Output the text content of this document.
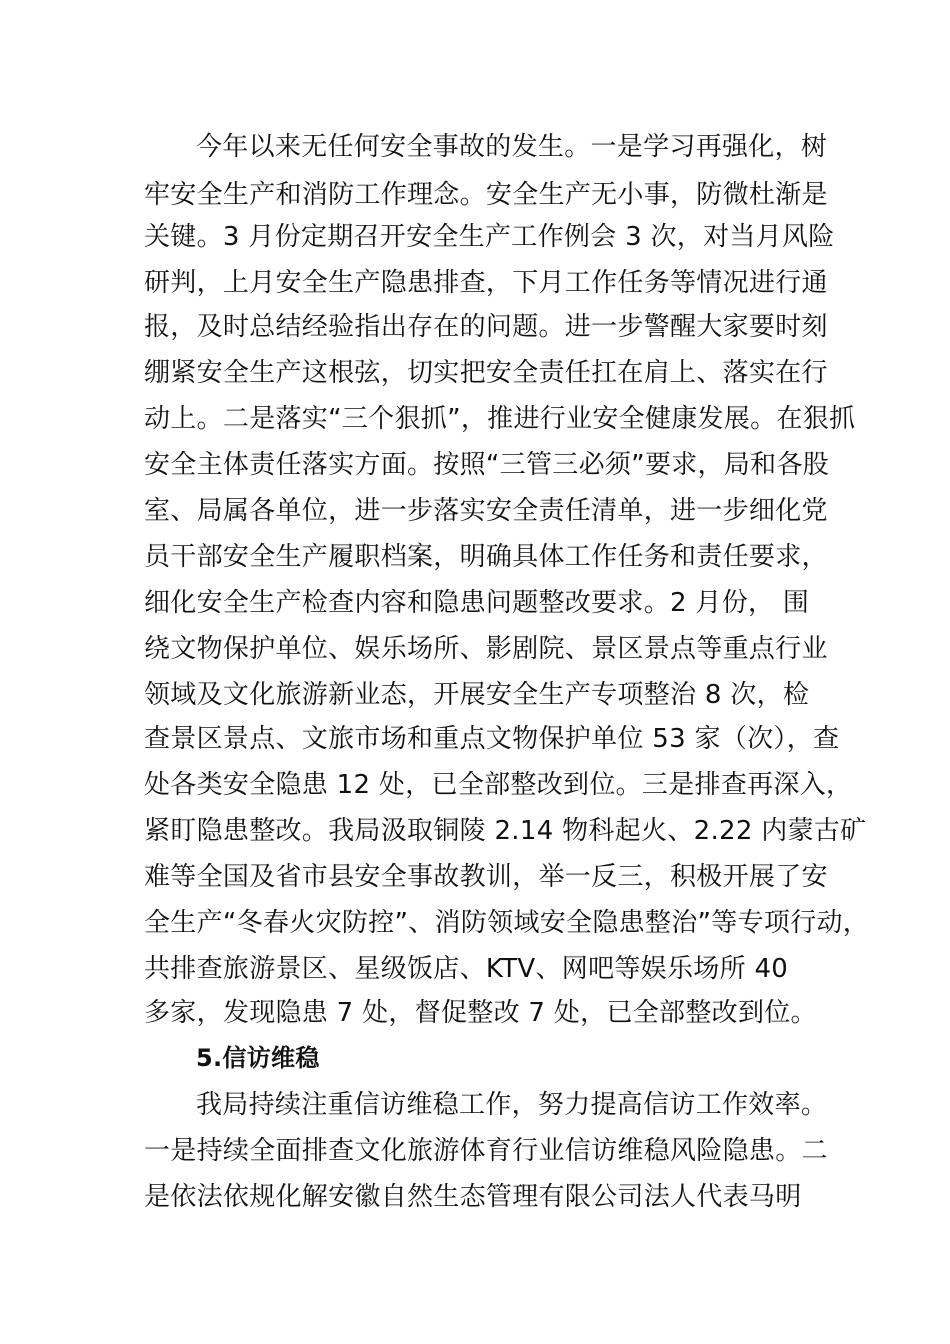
今年以来无任何安全事故的发生。一是学习再强化，树
牢安全生产和消防工作理念。安全生产无小事，防微杜渐是
关键。3 月份定期召开安全生产工作例会 3 次，对当月风险
研判，上月安全生产隐患排查，下月工作任务等情况进行通
报，及时总结经验指出存在的问题。进一步警醒大家要时刻
绷紧安全生产这根弦，切实把安全责任扛在肩上、落实在行
动上。二是落实“三个狠抓”，推进行业安全健康发展。在狠抓
安全主体责任落实方面。按照“三管三必须”要求，局和各股
室、局属各单位，进一步落实安全责任清单，进一步细化党
员干部安全生产履职档案，明确具体工作任务和责任要求，
细化安全生产检查内容和隐患问题整改要求。2 月份， 围
绕文物保护单位、娱乐场所、影剧院、景区景点等重点行业
领域及文化旅游新业态，开展安全生产专项整治 8 次，检
查景区景点、文旅市场和重点文物保护单位 53 家（次），查
处各类安全隐患 12 处，已全部整改到位。三是排查再深入，
紧盯隐患整改。我局汲取铜陵 2.14 物科起火、2.22 内蒙古矿
难等全国及省市县安全事故教训，举一反三，积极开展了安
全生产“冬春火灾防控”、消防领域安全隐患整治”等专项行动，
共排查旅游景区、星级饭店、KTV、网吧等娱乐场所 40
多家，发现隐患 7 处，督促整改 7 处，已全部整改到位。
5.信访维稳
我局持续注重信访维稳工作，努力提高信访工作效率。
一是持续全面排查文化旅游体育行业信访维稳风险隐患。二
是依法依规化解安徽自然生态管理有限公司法人代表马明
